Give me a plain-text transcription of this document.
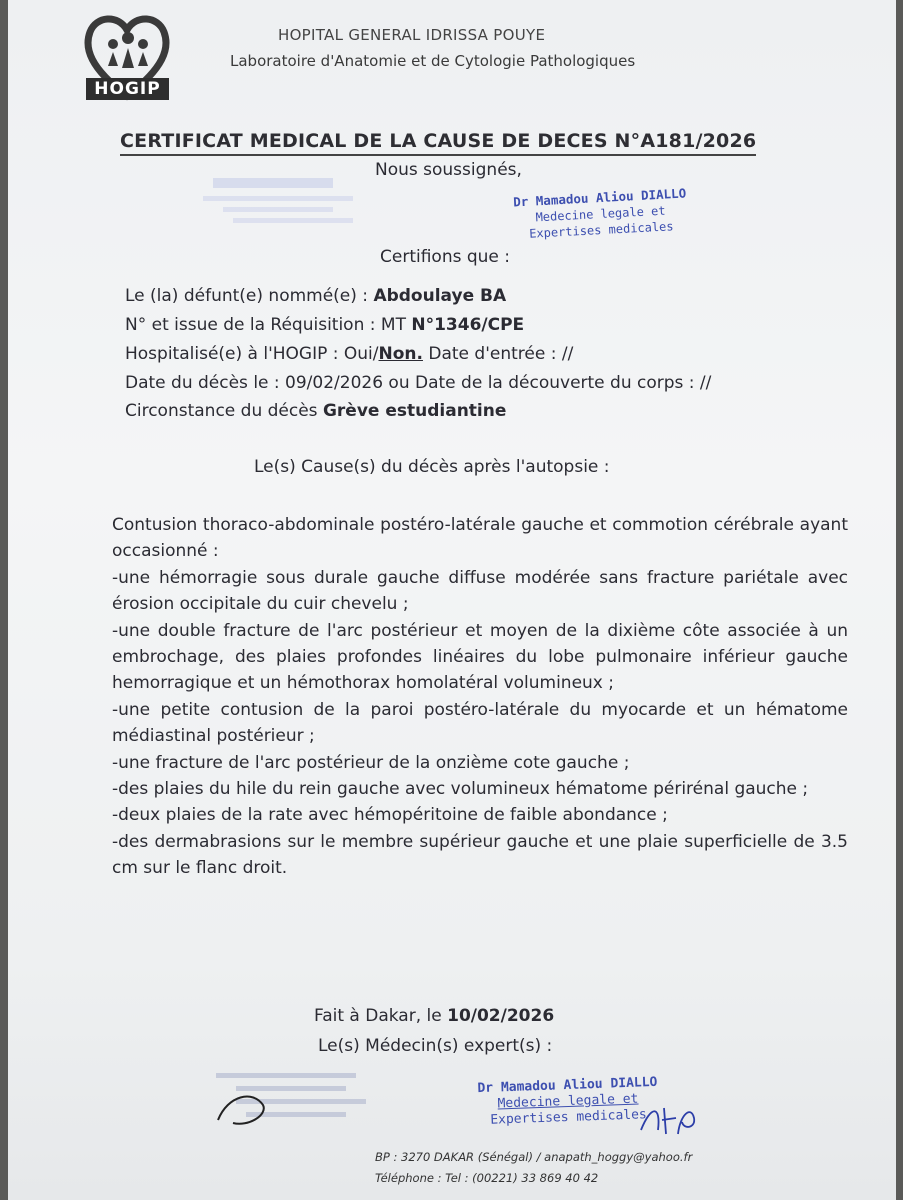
HOGIP
HOPITAL GENERAL IDRISSA POUYE
Laboratoire d'Anatomie et de Cytologie Pathologiques
CERTIFICAT MEDICAL DE LA CAUSE DE DECES N°A181/2026
Nous soussignés,
Dr Mamadou Aliou DIALLO
Medecine legale et
Expertises medicales
Certifions que :
Le (la) défunt(e) nommé(e) : Abdoulaye BA
N° et issue de la Réquisition : MT N°1346/CPE
Hospitalisé(e) à l'HOGIP : Oui/Non. Date d'entrée : //
Date du décès le : 09/02/2026 ou Date de la découverte du corps : //
Circonstance du décès Grève estudiantine
Le(s) Cause(s) du décès après l'autopsie :

Contusion thoraco-abdominale postéro-latérale gauche et commotion cérébrale ayant occasionné :

-une hémorragie sous durale gauche diffuse modérée sans fracture pariétale avec érosion occipitale du cuir chevelu ;

-une double fracture de l'arc postérieur et moyen de la dixième côte associée à un embrochage, des plaies profondes linéaires du lobe pulmonaire inférieur gauche hemorragique et un hémothorax homolatéral volumineux ;

-une petite contusion de la paroi postéro-latérale du myocarde et un hématome médiastinal postérieur ;

-une fracture de l'arc postérieur de la onzième cote gauche ;

-des plaies du hile du rein gauche avec volumineux hématome périrénal gauche ;

-deux plaies de la rate avec hémopéritoine de faible abondance ;

-des dermabrasions sur le membre supérieur gauche et une plaie superficielle de 3.5 cm sur le flanc droit.

Fait à Dakar, le 10/02/2026
Le(s) Médecin(s) expert(s) :
Dr Mamadou Aliou DIALLO
Medecine legale et
Expertises medicales
BP : 3270 DAKAR (Sénégal) / anapath_hoggy@yahoo.fr
Téléphone : Tel : (00221) 33 869 40 42
